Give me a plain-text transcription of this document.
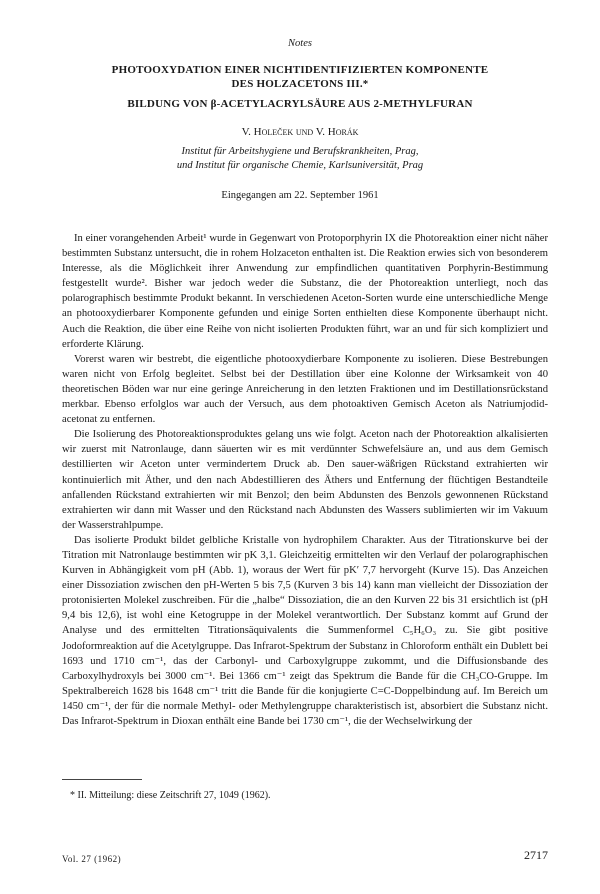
Notes
PHOTOOXYDATION EINER NICHTIDENTIFIZIERTEN KOMPONENTE
DES HOLZACETONS III.*
BILDUNG VON β-ACETYLACRYLSÄURE AUS 2-METHYLFURAN
V. Holeček und V. Horák
Institut für Arbeitshygiene und Berufskrankheiten, Prag,
und Institut für organische Chemie, Karlsuniversität, Prag
Eingegangen am 22. September 1961

In einer vorangehenden Arbeit¹ wurde in Gegenwart von Protoporphyrin IX die Photoreaktion einer nicht näher bestimmten Substanz untersucht, die in rohem Holzaceton enthalten ist. Die Reaktion erwies sich von besonderem Interesse, als die Möglichkeit ihrer Anwendung zur empfindlichen quantitativen Porphyrin-Bestimmung festgestellt wurde². Bisher war jedoch weder die Substanz, die der Photoreaktion unterliegt, noch das polarographisch bestimmte Produkt bekannt. In verschiedenen Aceton-Sorten wurde eine unterschiedliche Menge an photooxydierbarer Komponente gefunden und einige Sorten enthielten diese Komponente überhaupt nicht. Auch die Reaktion, die über eine Reihe von nicht isolierten Produkten führt, war an und für sich kompliziert und erforderte Klärung.

Vorerst waren wir bestrebt, die eigentliche photooxydierbare Komponente zu isolieren. Diese Bestrebungen waren nicht von Erfolg begleitet. Selbst bei der Destillation über eine Kolonne der Wirksamkeit von 40 theoretischen Böden war nur eine geringe Anreicherung in den letzten Fraktionen und im Destillationsrückstand merkbar. Ebenso erfolglos war auch der Versuch, aus dem photoaktiven Gemisch Aceton als Natriumjodid-acetonat zu entfernen.

Die Isolierung des Photoreaktionsproduktes gelang uns wie folgt. Aceton nach der Photoreaktion alkalisierten wir zuerst mit Natronlauge, dann säuerten wir es mit verdünnter Schwefelsäure an, und aus dem Gemisch destillierten wir Aceton unter vermindertem Druck ab. Den sauer-wäßrigen Rückstand extrahierten wir kontinuierlich mit Äther, und den nach Abdestillieren des Äthers und Entfernung der flüchtigen Bestandteile anfallenden Rückstand extrahierten wir mit Benzol; den beim Abdunsten des Benzols gewonnenen Rückstand extrahierten wir dann mit Wasser und den Rückstand nach Abdunsten des Wassers sublimierten wir im Vakuum der Wasserstrahlpumpe.

Das isolierte Produkt bildet gelbliche Kristalle von hydrophilem Charakter. Aus der Titrationskurve bei der Titration mit Natronlauge bestimmten wir pK 3,1. Gleichzeitig ermittelten wir den Verlauf der polarographischen Kurven in Abhängigkeit vom pH (Abb. 1), woraus der Wert für pK′ 7,7 hervorgeht (Kurve 15). Das Anzeichen einer Dissoziation zwischen den pH-Werten 5 bis 7,5 (Kurven 3 bis 14) kann man vielleicht der Dissoziation der protonisierten Molekel zuschreiben. Für die „halbe“ Dissoziation, die an den Kurven 22 bis 31 ersichtlich ist (pH 9,4 bis 12,6), ist wohl eine Ketogruppe in der Molekel verantwortlich. Der Substanz kommt auf Grund der Analyse und des ermittelten Titrationsäquivalents die Summenformel C₅H₆O₃ zu. Sie gibt positive Jodoformreaktion auf die Acetylgruppe. Das Infrarot-Spektrum der Substanz in Chloroform enthält ein Dublett bei 1693 und 1710 cm⁻¹, das der Carbonyl- und Carboxylgruppe zukommt, und die Diffusionsbande des Carboxylhydroxyls bei 3000 cm⁻¹. Bei 1366 cm⁻¹ zeigt das Spektrum die Bande für die CH₃CO-Gruppe. Im Spektralbereich 1628 bis 1648 cm⁻¹ tritt die Bande für die konjugierte C=C-Doppelbindung auf. Im Bereich um 1450 cm⁻¹, der für die normale Methyl- oder Methylengruppe charakteristisch ist, absorbiert die Substanz nicht. Das Infrarot-Spektrum in Dioxan enthält eine Bande bei 1730 cm⁻¹, die der Wechselwirkung der

* II. Mitteilung: diese Zeitschrift 27, 1049 (1962).
Vol. 27 (1962)	2717
